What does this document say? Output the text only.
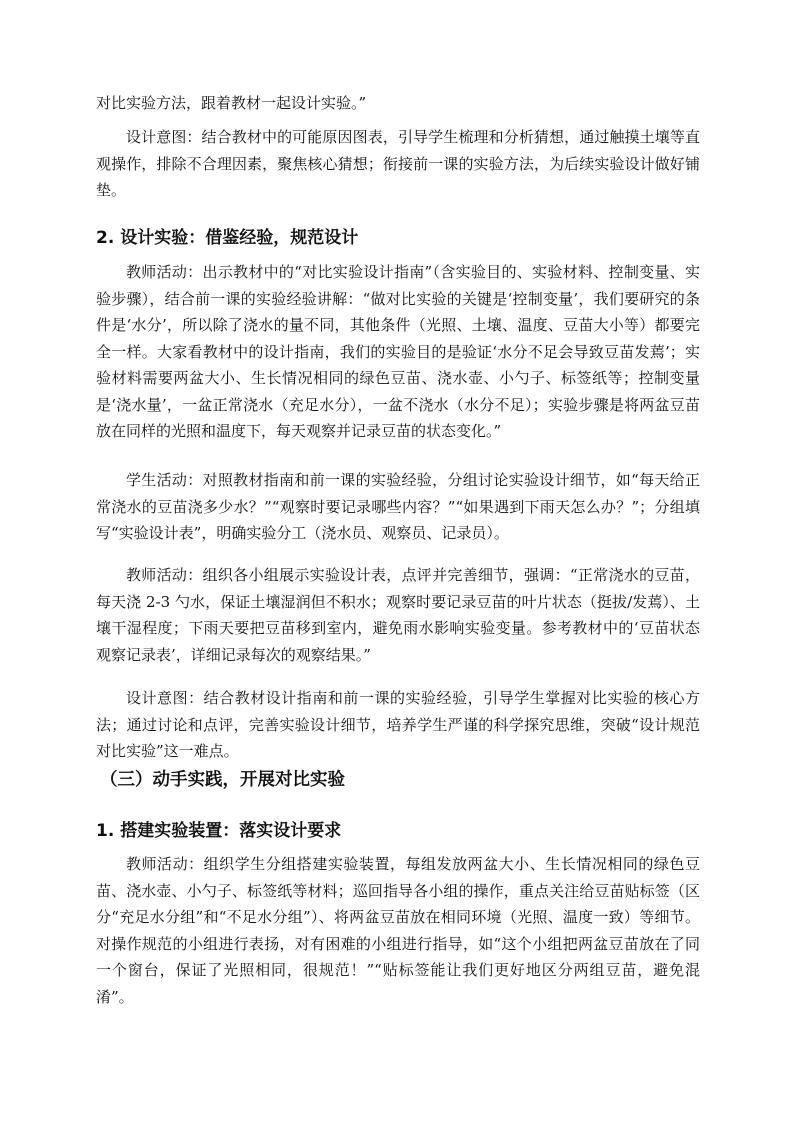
对比实验方法，跟着教材一起设计实验。”

设计意图：结合教材中的可能原因图表，引导学生梳理和分析猜想，通过触摸土壤等直观操作，排除不合理因素，聚焦核心猜想；衔接前一课的实验方法，为后续实验设计做好铺垫。

2. 设计实验：借鉴经验，规范设计

教师活动：出示教材中的“对比实验设计指南”（含实验目的、实验材料、控制变量、实验步骤），结合前一课的实验经验讲解：“做对比实验的关键是‘控制变量’，我们要研究的条件是‘水分’，所以除了浇水的量不同，其他条件（光照、土壤、温度、豆苗大小等）都要完全一样。大家看教材中的设计指南，我们的实验目的是验证‘水分不足会导致豆苗发蔫’；实验材料需要两盆大小、生长情况相同的绿色豆苗、浇水壶、小勺子、标签纸等；控制变量是‘浇水量’，一盆正常浇水（充足水分），一盆不浇水（水分不足）；实验步骤是将两盆豆苗放在同样的光照和温度下，每天观察并记录豆苗的状态变化。”

学生活动：对照教材指南和前一课的实验经验，分组讨论实验设计细节，如“每天给正常浇水的豆苗浇多少水？”“观察时要记录哪些内容？”“如果遇到下雨天怎么办？”；分组填写“实验设计表”，明确实验分工（浇水员、观察员、记录员）。

教师活动：组织各小组展示实验设计表，点评并完善细节，强调：“正常浇水的豆苗，每天浇 2-3 勺水，保证土壤湿润但不积水；观察时要记录豆苗的叶片状态（挺拔/发蔫）、土壤干湿程度；下雨天要把豆苗移到室内，避免雨水影响实验变量。参考教材中的‘豆苗状态观察记录表’，详细记录每次的观察结果。”

设计意图：结合教材设计指南和前一课的实验经验，引导学生掌握对比实验的核心方法；通过讨论和点评，完善实验设计细节，培养学生严谨的科学探究思维，突破“设计规范对比实验”这一难点。

（三）动手实践，开展对比实验
1. 搭建实验装置：落实设计要求

教师活动：组织学生分组搭建实验装置，每组发放两盆大小、生长情况相同的绿色豆苗、浇水壶、小勺子、标签纸等材料；巡回指导各小组的操作，重点关注给豆苗贴标签（区分“充足水分组”和“不足水分组”）、将两盆豆苗放在相同环境（光照、温度一致）等细节。对操作规范的小组进行表扬，对有困难的小组进行指导，如“这个小组把两盆豆苗放在了同一个窗台，保证了光照相同，很规范！”“贴标签能让我们更好地区分两组豆苗，避免混淆”。
